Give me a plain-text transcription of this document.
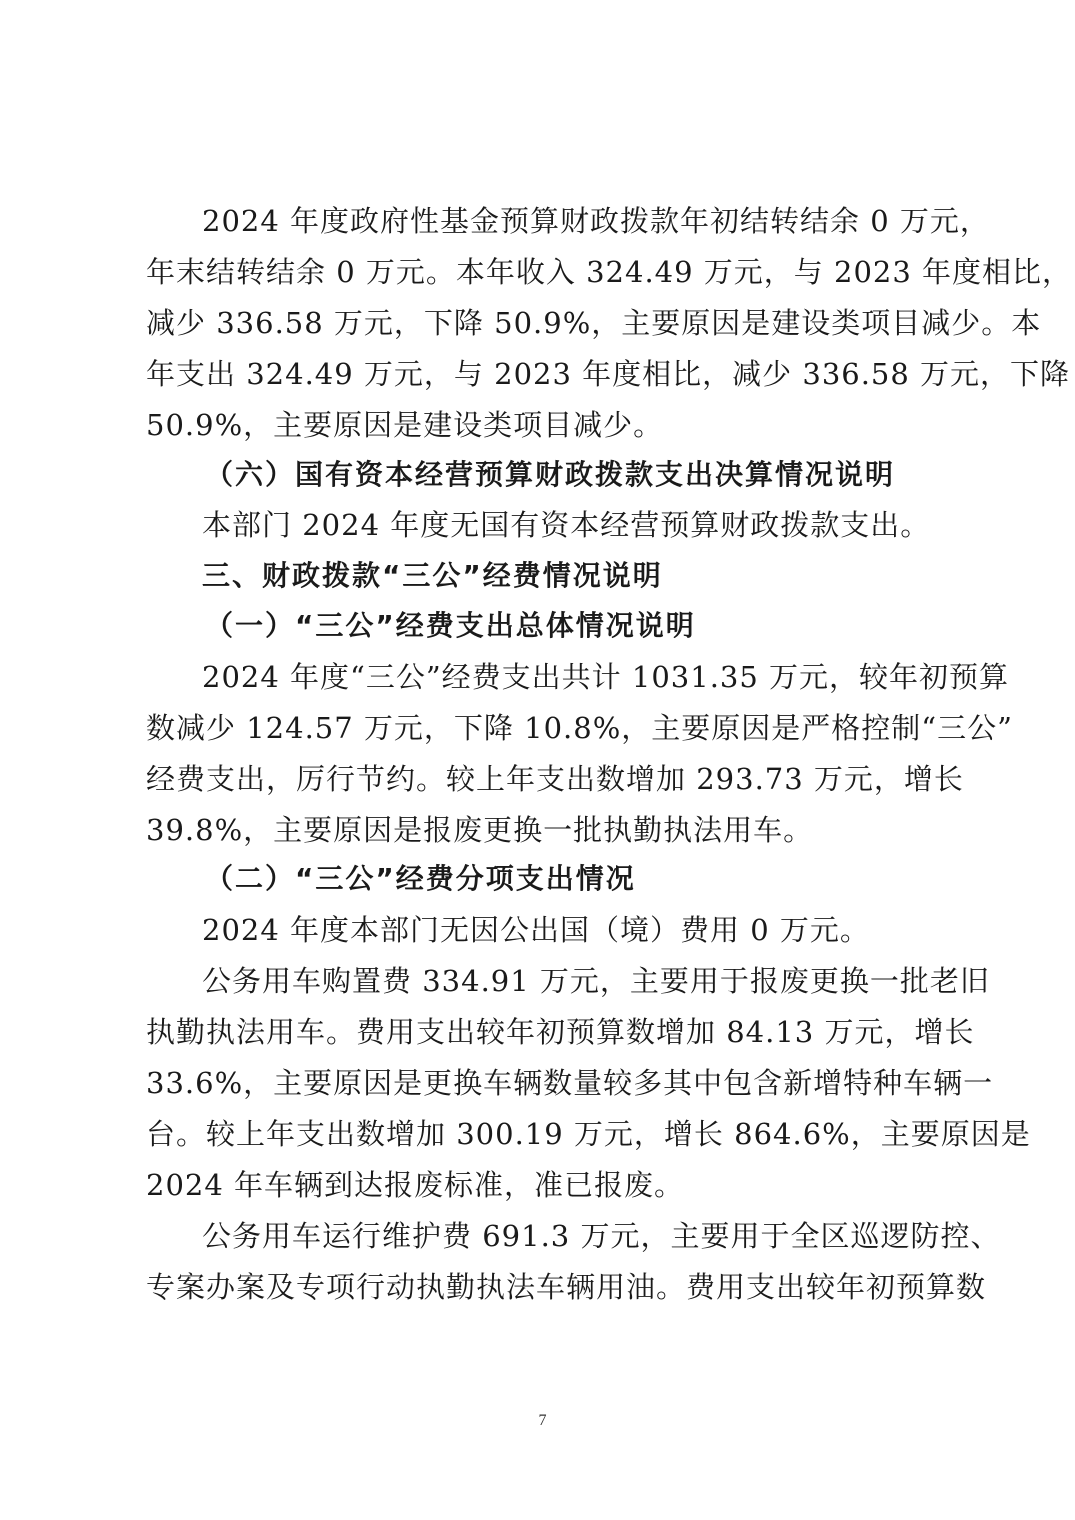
2024 年度政府性基金预算财政拨款年初结转结余 0 万元，
年末结转结余 0 万元。本年收入 324.49 万元，与 2023 年度相比，
减少 336.58 万元，下降 50.9%，主要原因是建设类项目减少。本
年支出 324.49 万元，与 2023 年度相比，减少 336.58 万元，下降
50.9%，主要原因是建设类项目减少。
（六）国有资本经营预算财政拨款支出决算情况说明
本部门 2024 年度无国有资本经营预算财政拨款支出。
三、财政拨款“三公”经费情况说明
（一）“三公”经费支出总体情况说明
2024 年度“三公”经费支出共计 1031.35 万元，较年初预算
数减少 124.57 万元，下降 10.8%，主要原因是严格控制“三公”
经费支出，厉行节约。较上年支出数增加 293.73 万元，增长
39.8%，主要原因是报废更换一批执勤执法用车。
（二）“三公”经费分项支出情况
2024 年度本部门无因公出国（境）费用 0 万元。
公务用车购置费 334.91 万元，主要用于报废更换一批老旧
执勤执法用车。费用支出较年初预算数增加 84.13 万元，增长
33.6%，主要原因是更换车辆数量较多其中包含新增特种车辆一
台。较上年支出数增加 300.19 万元，增长 864.6%，主要原因是
2024 年车辆到达报废标准，准已报废。
公务用车运行维护费 691.3 万元，主要用于全区巡逻防控、
专案办案及专项行动执勤执法车辆用油。费用支出较年初预算数
7
